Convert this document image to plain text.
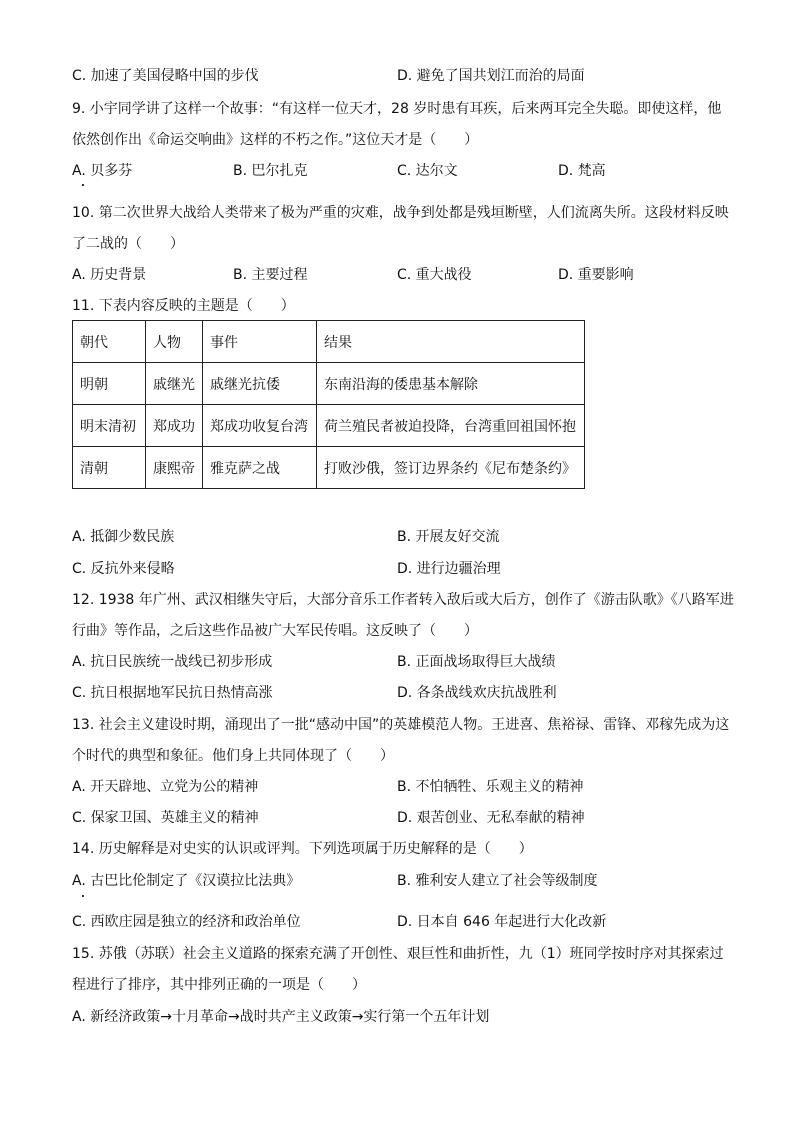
C. 加速了美国侵略中国的步伐	D. 避免了国共划江而治的局面
9. 小宇同学讲了这样一个故事：“有这样一位天才，28 岁时患有耳疾，后来两耳完全失聪。即使这样，他
依然创作出《命运交响曲》这样的不朽之作。”这位天才是（　　）
A. 贝多芬	B. 巴尔扎克	C. 达尔文	D. 梵高
10. 第二次世界大战给人类带来了极为严重的灾难，战争到处都是残垣断壁，人们流离失所。这段材料反映
了二战的（　　）
A. 历史背景	B. 主要过程	C. 重大战役	D. 重要影响
11. 下表内容反映的主题是（　　）
朝代	人物	事件	结果
明朝	戚继光	戚继光抗倭	东南沿海的倭患基本解除
明末清初	郑成功	郑成功收复台湾	荷兰殖民者被迫投降，台湾重回祖国怀抱
清朝	康熙帝	雅克萨之战	打败沙俄，签订边界条约《尼布楚条约》
A. 抵御少数民族	B. 开展友好交流
C. 反抗外来侵略	D. 进行边疆治理
12. 1938 年广州、武汉相继失守后，大部分音乐工作者转入敌后或大后方，创作了《游击队歌》《八路军进
行曲》等作品，之后这些作品被广大军民传唱。这反映了（　　）
A. 抗日民族统一战线已初步形成	B. 正面战场取得巨大战绩
C. 抗日根据地军民抗日热情高涨	D. 各条战线欢庆抗战胜利
13. 社会主义建设时期，涌现出了一批“感动中国”的英雄模范人物。王进喜、焦裕禄、雷锋、邓稼先成为这
个时代的典型和象征。他们身上共同体现了（　　）
A. 开天辟地、立党为公的精神	B. 不怕牺牲、乐观主义的精神
C. 保家卫国、英雄主义的精神	D. 艰苦创业、无私奉献的精神
14. 历史解释是对史实的认识或评判。下列选项属于历史解释的是（　　）
A. 古巴比伦制定了《汉谟拉比法典》	B. 雅利安人建立了社会等级制度
C. 西欧庄园是独立的经济和政治单位	D. 日本自 646 年起进行大化改新
15. 苏俄（苏联）社会主义道路的探索充满了开创性、艰巨性和曲折性，九（1）班同学按时序对其探索过
程进行了排序，其中排列正确的一项是（　　）
A. 新经济政策→十月革命→战时共产主义政策→实行第一个五年计划
